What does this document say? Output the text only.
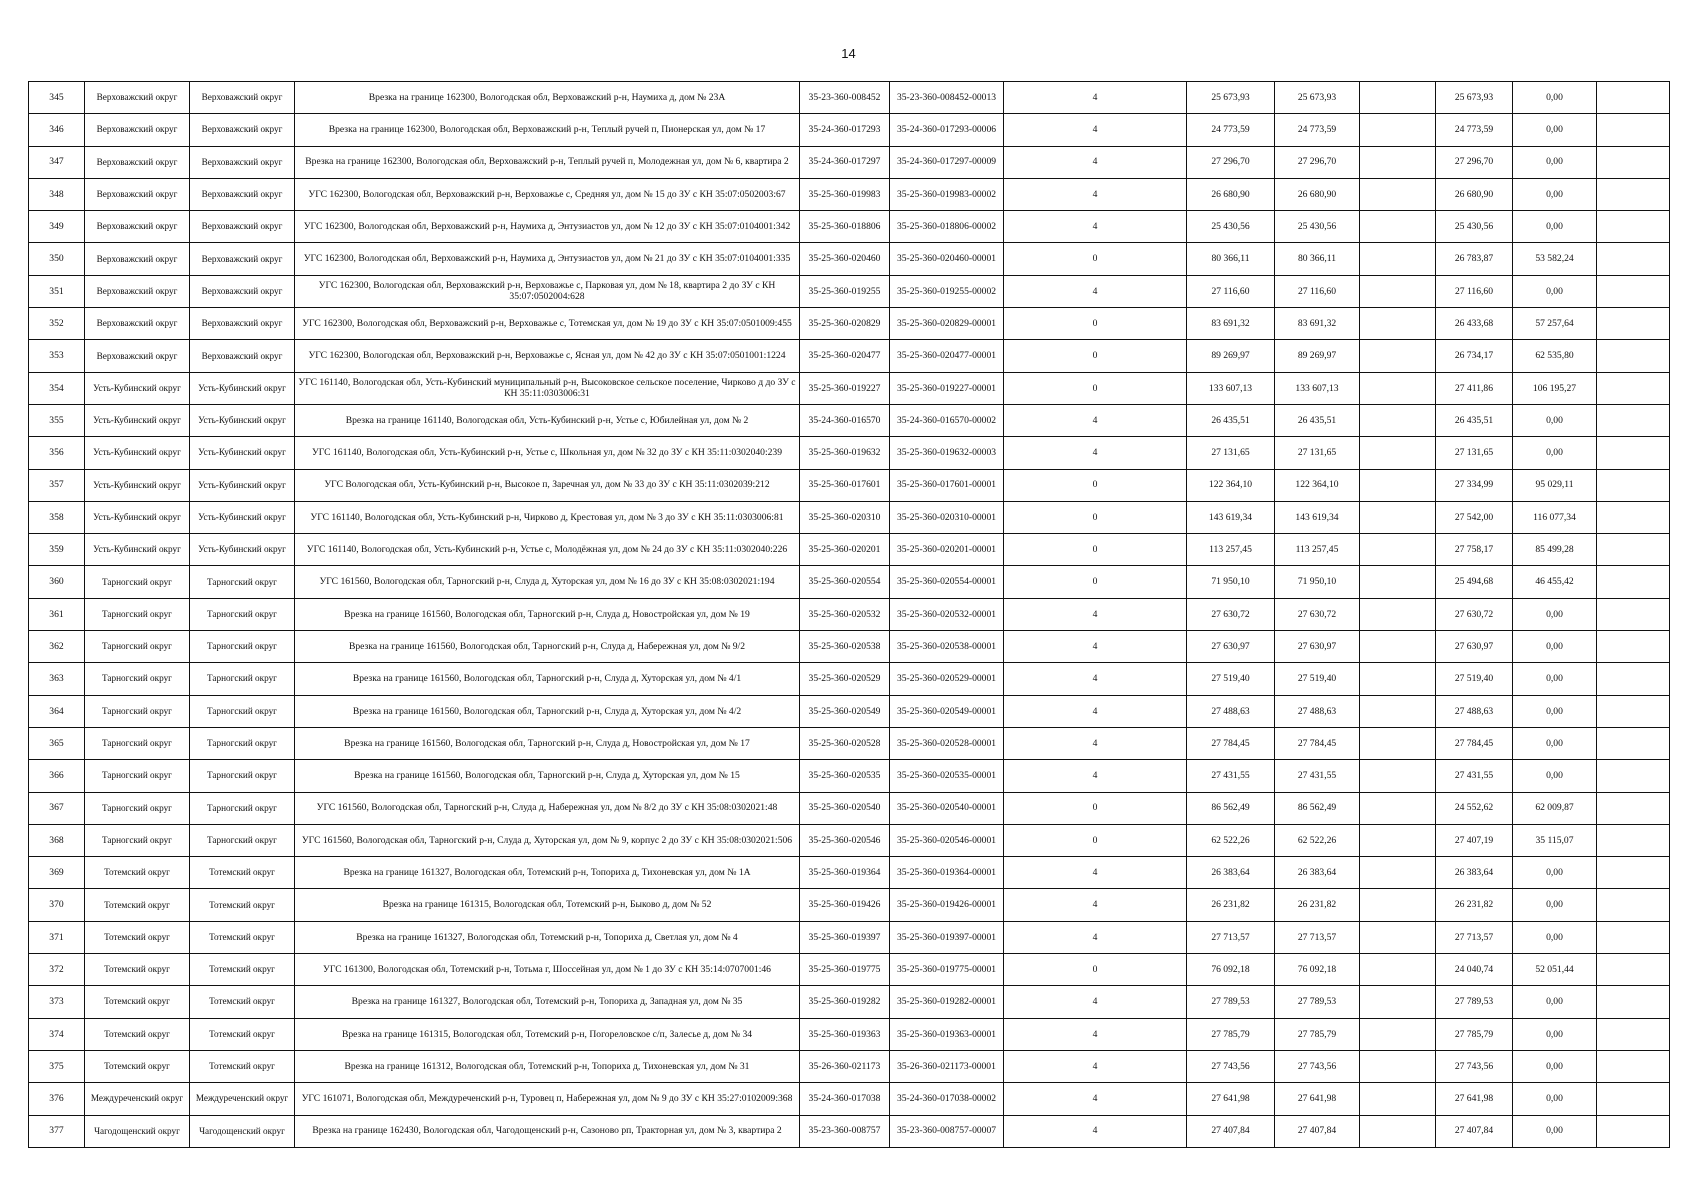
14
345	Верховажский округ	Верховажский округ	Врезка на границе 162300, Вологодская обл, Верховажский р-н, Наумиха д, дом № 23А	35-23-360-008452	35-23-360-008452-00013	4	25 673,93	25 673,93		25 673,93	0,00	
346	Верховажский округ	Верховажский округ	Врезка на границе 162300, Вологодская обл, Верховажский р-н, Теплый ручей п, Пионерская ул, дом № 17	35-24-360-017293	35-24-360-017293-00006	4	24 773,59	24 773,59		24 773,59	0,00	
347	Верховажский округ	Верховажский округ	Врезка на границе 162300, Вологодская обл, Верховажский р-н, Теплый ручей п, Молодежная ул, дом № 6, квартира 2	35-24-360-017297	35-24-360-017297-00009	4	27 296,70	27 296,70		27 296,70	0,00	
348	Верховажский округ	Верховажский округ	УГС 162300, Вологодская обл, Верховажский р-н, Верховажье с, Средняя ул, дом № 15 до ЗУ с КН 35:07:0502003:67	35-25-360-019983	35-25-360-019983-00002	4	26 680,90	26 680,90		26 680,90	0,00	
349	Верховажский округ	Верховажский округ	УГС 162300, Вологодская обл, Верховажский р-н, Наумиха д, Энтузиастов ул, дом № 12 до ЗУ с КН 35:07:0104001:342	35-25-360-018806	35-25-360-018806-00002	4	25 430,56	25 430,56		25 430,56	0,00	
350	Верховажский округ	Верховажский округ	УГС 162300, Вологодская обл, Верховажский р-н, Наумиха д, Энтузиастов ул, дом № 21 до ЗУ с КН 35:07:0104001:335	35-25-360-020460	35-25-360-020460-00001	0	80 366,11	80 366,11		26 783,87	53 582,24	
351	Верховажский округ	Верховажский округ	УГС 162300, Вологодская обл, Верховажский р-н, Верховажье с, Парковая ул, дом № 18, квартира 2 до ЗУ с КН 35:07:0502004:628	35-25-360-019255	35-25-360-019255-00002	4	27 116,60	27 116,60		27 116,60	0,00	
352	Верховажский округ	Верховажский округ	УГС 162300, Вологодская обл, Верховажский р-н, Верховажье с, Тотемская ул, дом № 19 до ЗУ с КН 35:07:0501009:455	35-25-360-020829	35-25-360-020829-00001	0	83 691,32	83 691,32		26 433,68	57 257,64	
353	Верховажский округ	Верховажский округ	УГС 162300, Вологодская обл, Верховажский р-н, Верховажье с, Ясная ул, дом № 42 до ЗУ с КН 35:07:0501001:1224	35-25-360-020477	35-25-360-020477-00001	0	89 269,97	89 269,97		26 734,17	62 535,80	
354	Усть-Кубинский округ	Усть-Кубинский округ	УГС 161140, Вологодская обл, Усть-Кубинский муниципальный р-н, Высоковское сельское поселение, Чирково д до ЗУ с КН 35:11:0303006:31	35-25-360-019227	35-25-360-019227-00001	0	133 607,13	133 607,13		27 411,86	106 195,27	
355	Усть-Кубинский округ	Усть-Кубинский округ	Врезка на границе 161140, Вологодская обл, Усть-Кубинский р-н, Устье с, Юбилейная ул, дом № 2	35-24-360-016570	35-24-360-016570-00002	4	26 435,51	26 435,51		26 435,51	0,00	
356	Усть-Кубинский округ	Усть-Кубинский округ	УГС 161140, Вологодская обл, Усть-Кубинский р-н, Устье с, Школьная ул, дом № 32 до ЗУ с КН 35:11:0302040:239	35-25-360-019632	35-25-360-019632-00003	4	27 131,65	27 131,65		27 131,65	0,00	
357	Усть-Кубинский округ	Усть-Кубинский округ	УГС Вологодская обл, Усть-Кубинский р-н, Высокое п, Заречная ул, дом № 33 до ЗУ с КН 35:11:0302039:212	35-25-360-017601	35-25-360-017601-00001	0	122 364,10	122 364,10		27 334,99	95 029,11	
358	Усть-Кубинский округ	Усть-Кубинский округ	УГС 161140, Вологодская обл, Усть-Кубинский р-н, Чирково д, Крестовая ул, дом № 3 до ЗУ с КН 35:11:0303006:81	35-25-360-020310	35-25-360-020310-00001	0	143 619,34	143 619,34		27 542,00	116 077,34	
359	Усть-Кубинский округ	Усть-Кубинский округ	УГС 161140, Вологодская обл, Усть-Кубинский р-н, Устье с, Молодёжная ул, дом № 24 до ЗУ с КН 35:11:0302040:226	35-25-360-020201	35-25-360-020201-00001	0	113 257,45	113 257,45		27 758,17	85 499,28	
360	Тарногский округ	Тарногский округ	УГС 161560, Вологодская обл, Тарногский р-н, Слуда д, Хуторская ул, дом № 16 до ЗУ с КН 35:08:0302021:194	35-25-360-020554	35-25-360-020554-00001	0	71 950,10	71 950,10		25 494,68	46 455,42	
361	Тарногский округ	Тарногский округ	Врезка на границе 161560, Вологодская обл, Тарногский р-н, Слуда д, Новостройская ул, дом № 19	35-25-360-020532	35-25-360-020532-00001	4	27 630,72	27 630,72		27 630,72	0,00	
362	Тарногский округ	Тарногский округ	Врезка на границе 161560, Вологодская обл, Тарногский р-н, Слуда д, Набережная ул, дом № 9/2	35-25-360-020538	35-25-360-020538-00001	4	27 630,97	27 630,97		27 630,97	0,00	
363	Тарногский округ	Тарногский округ	Врезка на границе 161560, Вологодская обл, Тарногский р-н, Слуда д, Хуторская ул, дом № 4/1	35-25-360-020529	35-25-360-020529-00001	4	27 519,40	27 519,40		27 519,40	0,00	
364	Тарногский округ	Тарногский округ	Врезка на границе 161560, Вологодская обл, Тарногский р-н, Слуда д, Хуторская ул, дом № 4/2	35-25-360-020549	35-25-360-020549-00001	4	27 488,63	27 488,63		27 488,63	0,00	
365	Тарногский округ	Тарногский округ	Врезка на границе 161560, Вологодская обл, Тарногский р-н, Слуда д, Новостройская ул, дом № 17	35-25-360-020528	35-25-360-020528-00001	4	27 784,45	27 784,45		27 784,45	0,00	
366	Тарногский округ	Тарногский округ	Врезка на границе 161560, Вологодская обл, Тарногский р-н, Слуда д, Хуторская ул, дом № 15	35-25-360-020535	35-25-360-020535-00001	4	27 431,55	27 431,55		27 431,55	0,00	
367	Тарногский округ	Тарногский округ	УГС 161560, Вологодская обл, Тарногский р-н, Слуда д, Набережная ул, дом № 8/2 до ЗУ с КН 35:08:0302021:48	35-25-360-020540	35-25-360-020540-00001	0	86 562,49	86 562,49		24 552,62	62 009,87	
368	Тарногский округ	Тарногский округ	УГС 161560, Вологодская обл, Тарногский р-н, Слуда д, Хуторская ул, дом № 9, корпус 2 до ЗУ с КН 35:08:0302021:506	35-25-360-020546	35-25-360-020546-00001	0	62 522,26	62 522,26		27 407,19	35 115,07	
369	Тотемский округ	Тотемский округ	Врезка на границе 161327, Вологодская обл, Тотемский р-н, Топориха д, Тихоневская ул, дом № 1А	35-25-360-019364	35-25-360-019364-00001	4	26 383,64	26 383,64		26 383,64	0,00	
370	Тотемский округ	Тотемский округ	Врезка на границе 161315, Вологодская обл, Тотемский р-н, Быково д, дом № 52	35-25-360-019426	35-25-360-019426-00001	4	26 231,82	26 231,82		26 231,82	0,00	
371	Тотемский округ	Тотемский округ	Врезка на границе 161327, Вологодская обл, Тотемский р-н, Топориха д, Светлая ул, дом № 4	35-25-360-019397	35-25-360-019397-00001	4	27 713,57	27 713,57		27 713,57	0,00	
372	Тотемский округ	Тотемский округ	УГС 161300, Вологодская обл, Тотемский р-н, Тотьма г, Шоссейная ул, дом № 1 до ЗУ с КН 35:14:0707001:46	35-25-360-019775	35-25-360-019775-00001	0	76 092,18	76 092,18		24 040,74	52 051,44	
373	Тотемский округ	Тотемский округ	Врезка на границе 161327, Вологодская обл, Тотемский р-н, Топориха д, Западная ул, дом № 35	35-25-360-019282	35-25-360-019282-00001	4	27 789,53	27 789,53		27 789,53	0,00	
374	Тотемский округ	Тотемский округ	Врезка на границе 161315, Вологодская обл, Тотемский р-н, Погореловское с/п, Залесье д, дом № 34	35-25-360-019363	35-25-360-019363-00001	4	27 785,79	27 785,79		27 785,79	0,00	
375	Тотемский округ	Тотемский округ	Врезка на границе 161312, Вологодская обл, Тотемский р-н, Топориха д, Тихоневская ул, дом № 31	35-26-360-021173	35-26-360-021173-00001	4	27 743,56	27 743,56		27 743,56	0,00	
376	Междуреченский округ	Междуреченский округ	УГС 161071, Вологодская обл, Междуреченский р-н, Туровец п, Набережная ул, дом № 9 до ЗУ с КН 35:27:0102009:368	35-24-360-017038	35-24-360-017038-00002	4	27 641,98	27 641,98		27 641,98	0,00	
377	Чагодощенский округ	Чагодощенский округ	Врезка на границе 162430, Вологодская обл, Чагодощенский р-н, Сазоново рп, Тракторная ул, дом № 3, квартира 2	35-23-360-008757	35-23-360-008757-00007	4	27 407,84	27 407,84		27 407,84	0,00	
